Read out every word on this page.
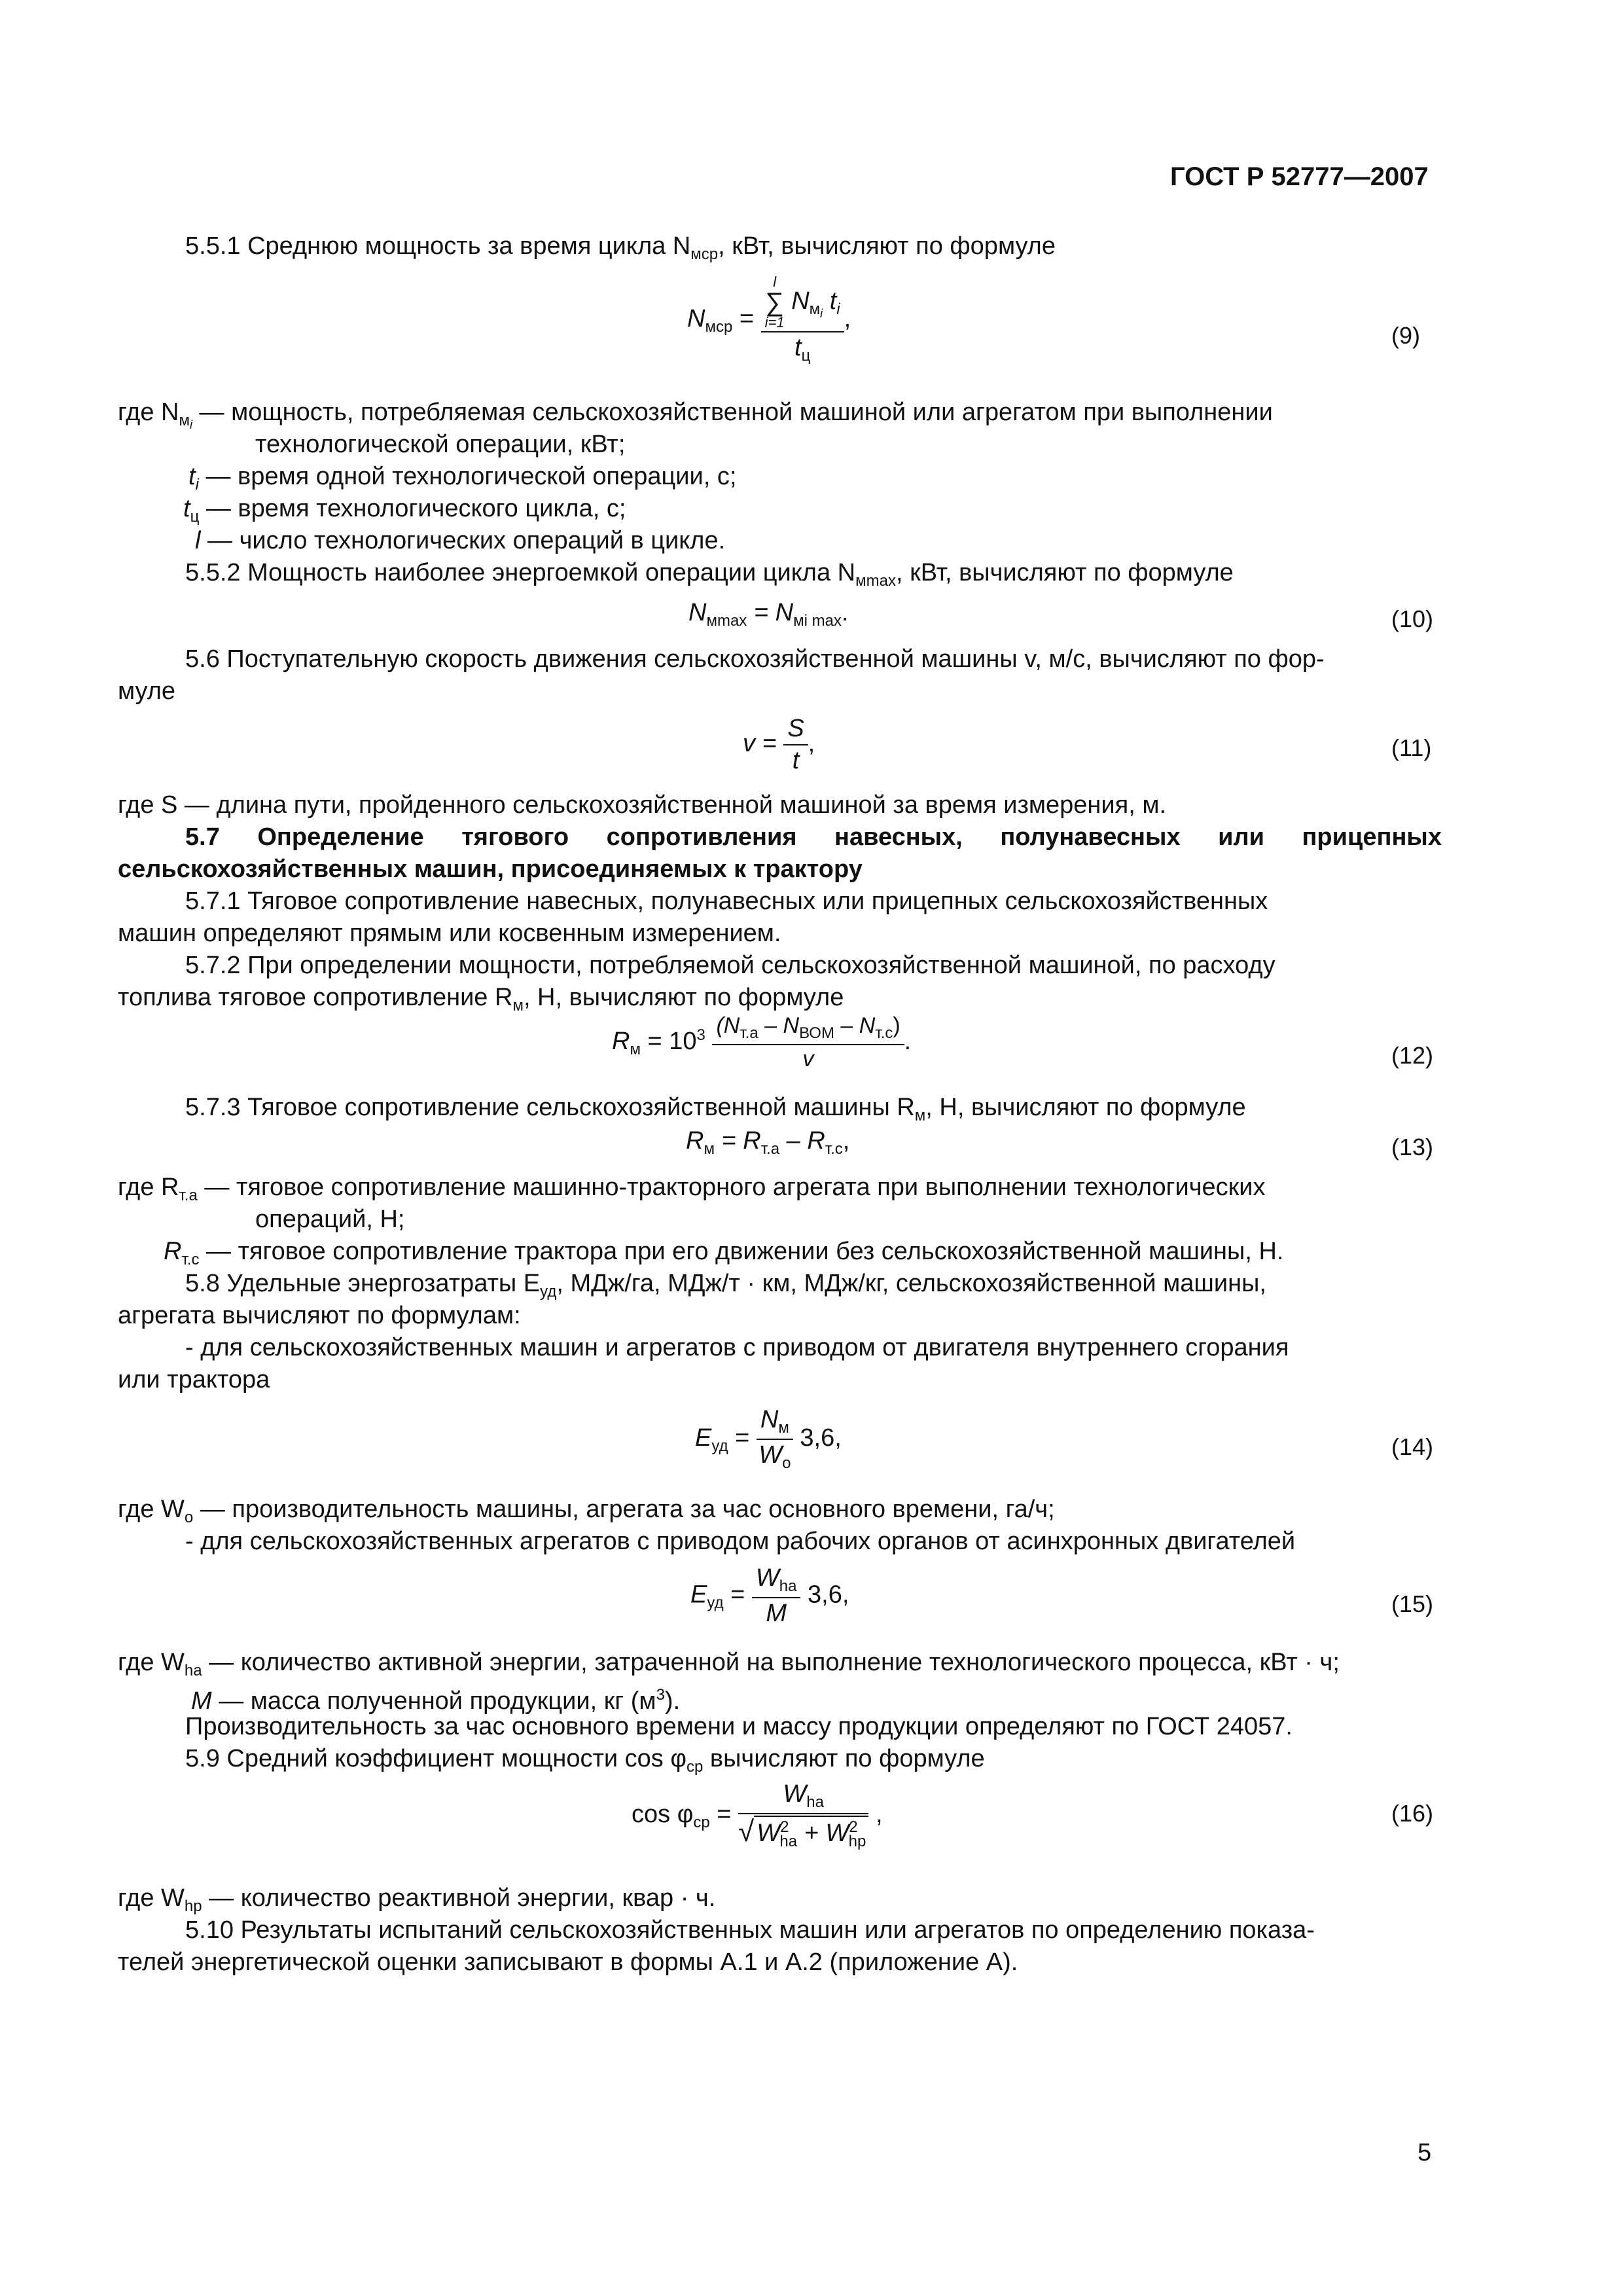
ГОСТ Р 52777—2007
5.5.1 Среднюю мощность за время цикла $N_{мср}$, кВт, вычисляют по формуле
$N_{мср}$ =
l
∑
i=1 $N_{м_i}$ $t_i$
$t_ц$
,
(9)
где $N_{м_i}$ — мощность, потребляемая сельскохозяйственной машиной или агрегатом при выполнении
технологической операции, кВт;
$t_i$ — время одной технологической операции, с;
$t_ц$ — время технологического цикла, с;
l — число технологических операций в цикле.
5.5.2 Мощность наиболее энергоемкой операции цикла $N_{мmax}$, кВт, вычисляют по формуле
$N_{мmax} = N_{мi max}$.	(10)
5.6 Поступательную скорость движения сельскохозяйственной машины v, м/с, вычисляют по фор-
муле
$v = \frac{S}{t}$ ,	(11)
где S — длина пути, пройденного сельскохозяйственной машиной за время измерения, м.
5.7 Определение тягового сопротивления навесных, полунавесных или прицепных
сельскохозяйственных машин, присоединяемых к трактору
5.7.1 Тяговое сопротивление навесных, полунавесных или прицепных сельскохозяйственных
машин определяют прямым или косвенным измерением.
5.7.2 При определении мощности, потребляемой сельскохозяйственной машиной, по расходу
топлива тяговое сопротивление $R_м$, Н, вычисляют по формуле
$R_м = 10^3 \frac{(N_{т.а} - N_{ВОМ} - N_{т.с})}{v}$ .
(12)
5.7.3 Тяговое сопротивление сельскохозяйственной машины $R_м$, Н, вычисляют по формуле
$R_м = R_{т.а} - R_{т.с}$,	(13)
где $R_{т.а}$ — тяговое сопротивление машинно-тракторного агрегата при выполнении технологических
операций, Н;
$R_{т.с}$ — тяговое сопротивление трактора при его движении без сельскохозяйственной машины, Н.
5.8 Удельные энергозатраты $E_{уд}$, МДж/га, МДж/т · км, МДж/кг, сельскохозяйственной машины,
агрегата вычисляют по формулам:
- для сельскохозяйственных машин и агрегатов с приводом от двигателя внутреннего сгорания
или трактора
$E_{уд} = \frac{N_м}{W_o} 3,6$,	(14)
где $W_o$ — производительность машины, агрегата за час основного времени, га/ч;
- для сельскохозяйственных агрегатов с приводом рабочих органов от асинхронных двигателей
$E_{уд} = \frac{W_{ha}}{M} 3,6$,	(15)
где $W_{ha}$ — количество активной энергии, затраченной на выполнение технологического процесса, кВт · ч;
M — масса полученной продукции, кг $(м^3)$.
Производительность за час основного времени и массу продукции определяют по ГОСТ 24057.
5.9 Средний коэффициент мощности $\cos \varphi_{ср}$ вычисляют по формуле
$\cos \varphi_{ср} = \frac{W_{ha}}{√ W^2_{ha} + W^2_{hp}}$ ,	(16)
где $W_{hp}$ — количество реактивной энергии, квар · ч.
5.10 Результаты испытаний сельскохозяйственных машин или агрегатов по определению показа-
телей энергетической оценки записывают в формы А.1 и А.2 (приложение А).
5
